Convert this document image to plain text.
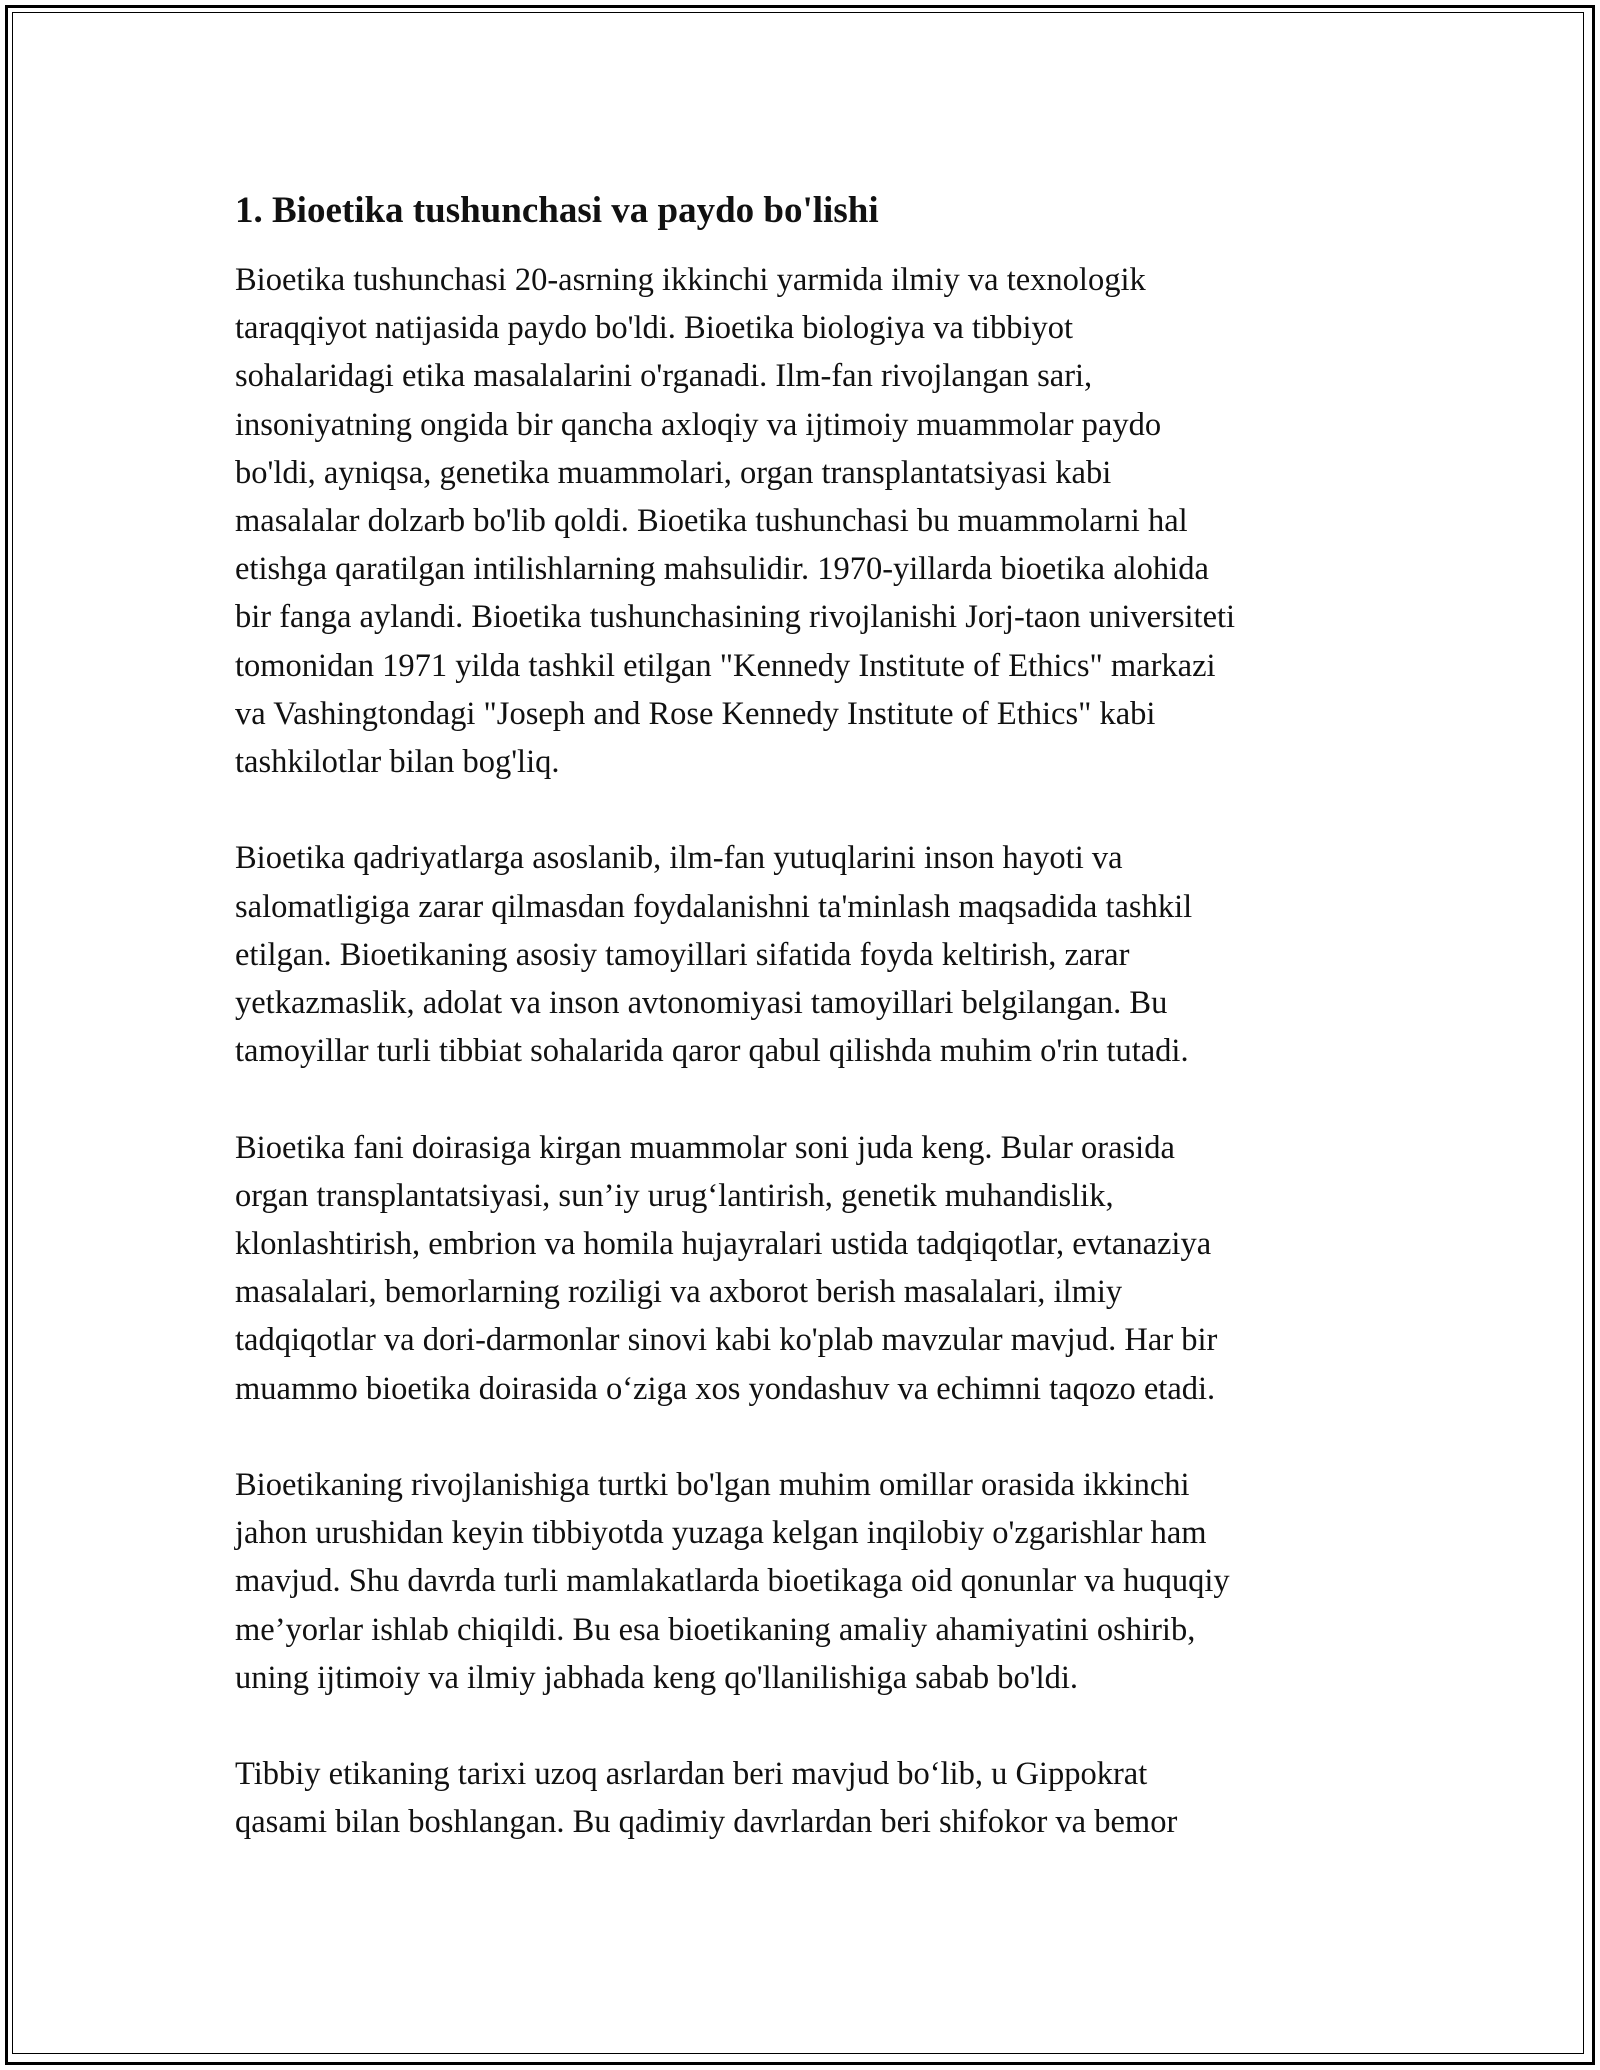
1. Bioetika tushunchasi va paydo bo'lishi

Bioetika tushunchasi 20-asrning ikkinchi yarmida ilmiy va texnologik
taraqqiyot natijasida paydo bo'ldi. Bioetika biologiya va tibbiyot
sohalaridagi etika masalalarini o'rganadi. Ilm-fan rivojlangan sari,
insoniyatning ongida bir qancha axloqiy va ijtimoiy muammolar paydo
bo'ldi, ayniqsa, genetika muammolari, organ transplantatsiyasi kabi
masalalar dolzarb bo'lib qoldi. Bioetika tushunchasi bu muammolarni hal
etishga qaratilgan intilishlarning mahsulidir. 1970-yillarda bioetika alohida
bir fanga aylandi. Bioetika tushunchasining rivojlanishi Jorj-taon universiteti
tomonidan 1971 yilda tashkil etilgan "Kennedy Institute of Ethics" markazi
va Vashingtondagi "Joseph and Rose Kennedy Institute of Ethics" kabi
tashkilotlar bilan bog'liq.

Bioetika qadriyatlarga asoslanib, ilm-fan yutuqlarini inson hayoti va
salomatligiga zarar qilmasdan foydalanishni ta'minlash maqsadida tashkil
etilgan. Bioetikaning asosiy tamoyillari sifatida foyda keltirish, zarar
yetkazmaslik, adolat va inson avtonomiyasi tamoyillari belgilangan. Bu
tamoyillar turli tibbiat sohalarida qaror qabul qilishda muhim o'rin tutadi.

Bioetika fani doirasiga kirgan muammolar soni juda keng. Bular orasida
organ transplantatsiyasi, sun’iy urug‘lantirish, genetik muhandislik,
klonlashtirish, embrion va homila hujayralari ustida tadqiqotlar, evtanaziya
masalalari, bemorlarning roziligi va axborot berish masalalari, ilmiy
tadqiqotlar va dori-darmonlar sinovi kabi ko'plab mavzular mavjud. Har bir
muammo bioetika doirasida o‘ziga xos yondashuv va echimni taqozo etadi.

Bioetikaning rivojlanishiga turtki bo'lgan muhim omillar orasida ikkinchi
jahon urushidan keyin tibbiyotda yuzaga kelgan inqilobiy o'zgarishlar ham
mavjud. Shu davrda turli mamlakatlarda bioetikaga oid qonunlar va huquqiy
me’yorlar ishlab chiqildi. Bu esa bioetikaning amaliy ahamiyatini oshirib,
uning ijtimoiy va ilmiy jabhada keng qo'llanilishiga sabab bo'ldi.

Tibbiy etikaning tarixi uzoq asrlardan beri mavjud bo‘lib, u Gippokrat
qasami bilan boshlangan. Bu qadimiy davrlardan beri shifokor va bemor
